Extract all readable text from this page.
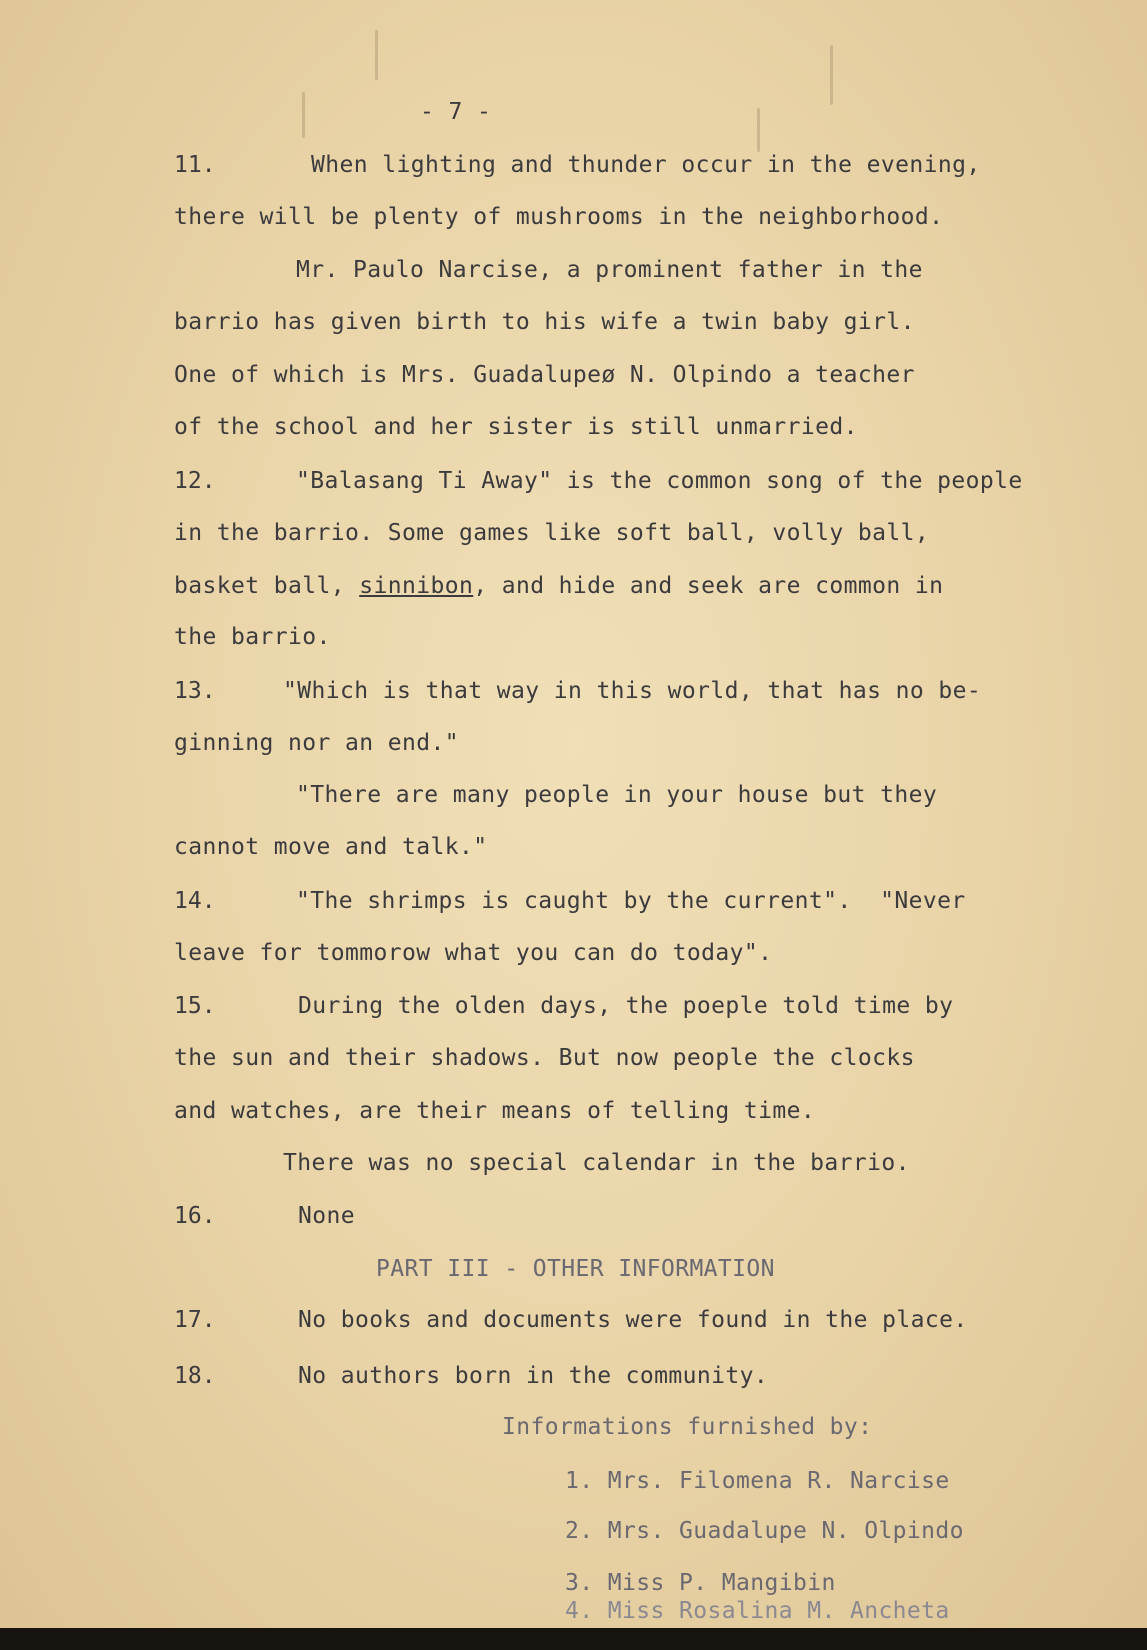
- 7 -
11.	When lighting and thunder occur in the evening,
there will be plenty of mushrooms in the neighborhood.
Mr. Paulo Narcise, a prominent father in the
barrio has given birth to his wife a twin baby girl.
One of which is Mrs. Guadalupeø N. Olpindo a teacher
of the school and her sister is still unmarried.
12.	"Balasang Ti Away" is the common song of the people
in the barrio. Some games like soft ball, volly ball,
basket ball, sinnibon, and hide and seek are common in
the barrio.
13.	"Which is that way in this world, that has no be-
ginning nor an end."
"There are many people in your house but they
cannot move and talk."
14.	"The shrimps is caught by the current".  "Never
leave for tommorow what you can do today".
15.	During the olden days, the poeple told time by
the sun and their shadows. But now people the clocks
and watches, are their means of telling time.
There was no special calendar in the barrio.
16.	None
PART III - OTHER INFORMATION
17.	No books and documents were found in the place.
18.	No authors born in the community.
Informations furnished by:
1. Mrs. Filomena R. Narcise
2. Mrs. Guadalupe N. Olpindo
3. Miss P. Mangibin
4. Miss Rosalina M. Ancheta
